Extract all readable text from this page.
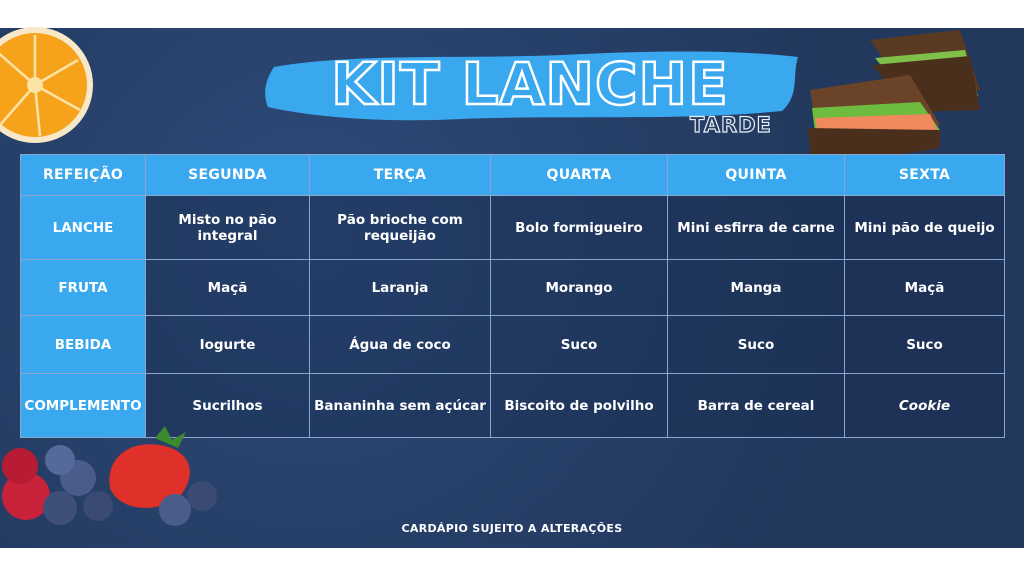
KIT LANCHE
TARDE
REFEIÇÃO	SEGUNDA	TERÇA	QUARTA	QUINTA	SEXTA
LANCHE	Misto no pão integral	Pão brioche com requeijão	Bolo formigueiro	Mini esfirra de carne	Mini pão de queijo
FRUTA	Maçã	Laranja	Morango	Manga	Maçã
BEBIDA	Iogurte	Água de coco	Suco	Suco	Suco
COMPLEMENTO	Sucrilhos	Bananinha sem açúcar	Biscoito de polvilho	Barra de cereal	Cookie
CARDÁPIO SUJEITO A ALTERAÇÕES
